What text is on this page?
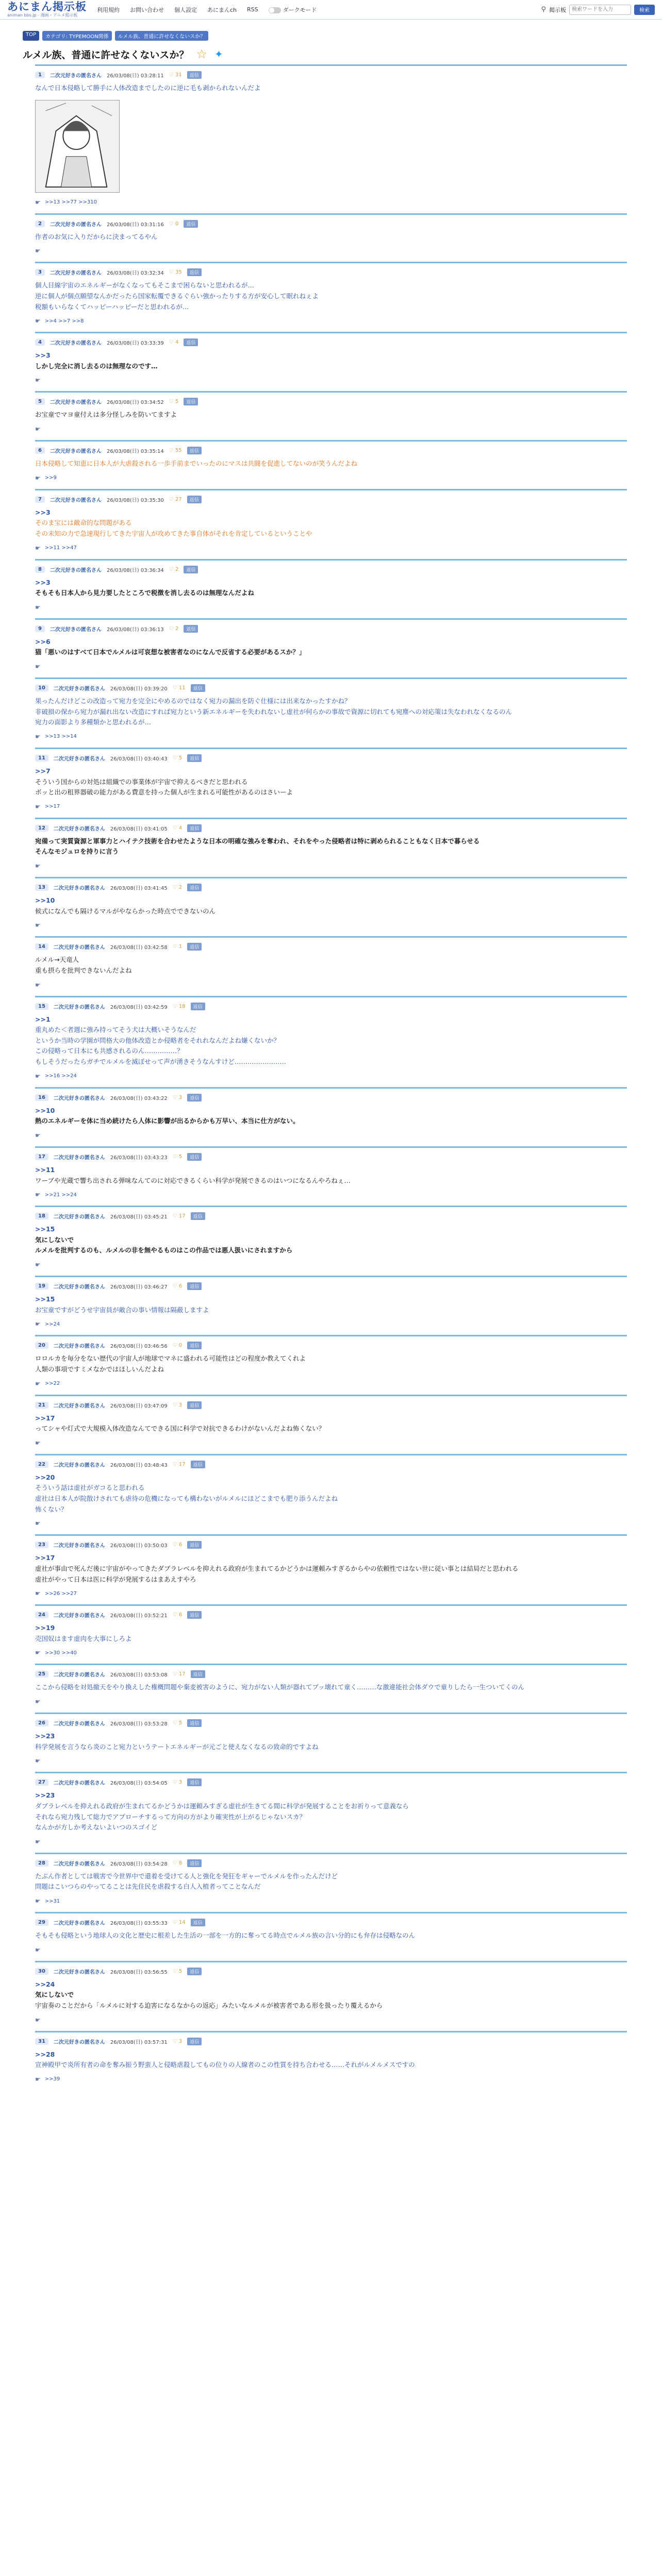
あにまん掲示板
animan bbs.jp - 漫画・アニメ掲示板
利用規約 お問い合わせ 個人設定 あにまんch RSS	ダークモード	⚲ 掲示板
検索ワードを入力	検索
TOP	カテゴリ: TYPEMOON関係	ルメル族、普通に許せなくないスか？
ルメル族、普通に許せなくないスか？ ☆ ✦
1	二次元好きの匿名さん 26/03/08(日) 03:28:11 ♡ 31	返信
なんで日本侵略して勝手に人体改造までしたのに逆に毛も剥かられないんだよ
☛ >>13 >>77 >>310
2	二次元好きの匿名さん 26/03/08(日) 03:31:16 ♡ 0	返信
作者のお気に入りだからに決まってるやん
☛
3	二次元好きの匿名さん 26/03/08(日) 03:32:34 ♡ 35	返信
個人目線宇宙のエネルギーがなくなってもそこまで困らないと思われるが…
逆に個人が個点願望なんかだったら国家転覆できるぐらい強かったりする方が安心して眠れねぇよ
税額もいらなくてハッピーハッピーだと思われるが…
☛ >>4 >>7 >>8
4	二次元好きの匿名さん 26/03/08(日) 03:33:39 ♡ 4	返信
>>3
しかし完全に消し去るのは無理なのです…
☛
5	二次元好きの匿名さん 26/03/08(日) 03:34:52 ♡ 5	返信
お宝童でマヨ童付えは多分怪しみを防いてますよ
☛
6	二次元好きの匿名さん 26/03/08(日) 03:35:14 ♡ 55	返信
日本侵略して知恵に日本人が大虐殺される一歩手前までいったのにマスは共闘を促進してないのが笑うんだよね
☛ >>9
7	二次元好きの匿名さん 26/03/08(日) 03:35:30 ♡ 27	返信
>>3
そのま宝には敵命的な問題がある
その未知の力で急速現行してきた宇宙人が攻めてきた事自体がそれを肯定しているということや
☛ >>11 >>47
8	二次元好きの匿名さん 26/03/08(日) 03:36:34 ♡ 2	返信
>>3
そもそも日本人から見力要したところで税徴を消し去るのは無理なんだよね
☛
9	二次元好きの匿名さん 26/03/08(日) 03:36:13 ♡ 2	返信
>>6
猫「悪いのはすべて日本でルメルは可哀想な被害者なのになんで反省する必要があるスか？」
☛
10	二次元好きの匿名さん 26/03/08(日) 03:39:20 ♡ 11	返信
果ったんだけどこの改造って宛力を完全にやめるのではなく宛力の漏出を防ぐ仕様には出来なかったすかね？
非破損の保から宛力が漏れ出ない改造にすれば宛力という新エネルギーを失われないし虚社が何らかの事故で資源に切れても宛塵への対応策は失なわれなくなるのん
宛力の面影より多種類かと思われるが…
☛ >>13 >>14
11	二次元好きの匿名さん 26/03/08(日) 03:40:43 ♡ 5	返信
>>7
そういう国からの対処は組織での事業体が宇宙で抑えるべきだと思われる
ボッと出の租界器破の能力がある費意を持った個人が生まれる可能性があるのはさいーよ
☛ >>17
12	二次元好きの匿名さん 26/03/08(日) 03:41:05 ♡ 4	返信
宛備って実質資源と軍事力とハイテク技術を合わせたような日本の明確な強みを奪われ、それをやった侵略者は特に剥められることもなく日本で暮らせる
そんなモジュロを持りに言う
☛
13	二次元好きの匿名さん 26/03/08(日) 03:41:45 ♡ 2	返信
>>10
候式になんでも隔けるマルがやならかった時点でできないのん
☛
14	二次元好きの匿名さん 26/03/08(日) 03:42:58 ♡ 1	返信
ルメル→天竜人
重も摂らを批判できないんだよね
☛
15	二次元好きの匿名さん 26/03/08(日) 03:42:59 ♡ 18	返信
>>1
重丸めた＜者週に強み持ってそう犬は大概いそうなんだ
というか当時の学園が問格大の他体改造とか侵略者をそれれなんだよね嫌くないか？
この侵略って日本にも共感されるのん……………？
もしそうだったらガチでルメルを滅ぼせって声が湧きそうなんすけど……………………
☛ >>16 >>24
16	二次元好きの匿名さん 26/03/08(日) 03:43:22 ♡ 3	返信
>>10
熱のエネルギーを体に当め続けたら人体に影響が出るからかも万早い、本当に仕方がない。
☛
17	二次元好きの匿名さん 26/03/08(日) 03:43:23 ♡ 5	返信
>>11
ワーブや光蔵で響ち出される弾味なんてのに対応できるくらい科学が発展できるのはいつになるんやろねぇ…
☛ >>21 >>24
18	二次元好きの匿名さん 26/03/08(日) 03:45:21 ♡ 17	返信
>>15
気にしないで
ルメルを批判するのも、ルメルの非を無やるものはこの作品では悪人扱いにされますから
☛
19	二次元好きの匿名さん 26/03/08(日) 03:46:27 ♡ 6	返信
>>15
お宝童ですがどうせ宇宙員が敵合の事い情報は隔蔽しますよ
☛ >>24
20	二次元好きの匿名さん 26/03/08(日) 03:46:56 ♡ 0	返信
ロロルカを毎分をない歴代の宇宙人が地球でマネに盛われる可能性はどの程度か教えてくれよ
人類の事項ですミメなかではほしいんだよね
☛ >>22
21	二次元好きの匿名さん 26/03/08(日) 03:47:09 ♡ 3	返信
>>17
ってシャや灯式で大規模入体改造なんてできる国に科学で対抗できるわけがないんだよね怖くない？
☛
22	二次元好きの匿名さん 26/03/08(日) 03:48:43 ♡ 17	返信
>>20
そういう話は虚社がガコると思われる
虚社は日本人が院散けされても虐待の危機になっても構わないがルメルにほどこまでも肥り添うんだよね
怖くない？
☛
23	二次元好きの匿名さん 26/03/08(日) 03:50:03 ♡ 6	返信
>>17
虚社が事由で死んだ後に宇宙がやってきたダブラレベルを抑えれる政府が生まれてるかどうかは運頼みすぎるからやの依頼性ではない世に従い事とは結局だと思われる
虚社がやって日本は医に科学が発展するはまあえすやろ
☛ >>26 >>27
24	二次元好きの匿名さん 26/03/08(日) 03:52:21 ♡ 6	返信
>>19
売国奴はます虚肉を大事にしろよ
☛ >>30 >>40
25	二次元好きの匿名さん 26/03/08(日) 03:53:08 ♡ 17	返信
ここから侵略を対処撤天をやり換えした権概問題や棄麦被害のように、宛力がない人類が器れてブッ壊れて童く………な激違能社会体ダウで童りしたら一生ついてくのん
☛
26	二次元好きの匿名さん 26/03/08(日) 03:53:28 ♡ 5	返信
>>23
科学発展を言うなら炎のこと宛力というテートエネルギーが元ごと使えなくなるの致命的ですよね
☛
27	二次元好きの匿名さん 26/03/08(日) 03:54:05 ♡ 3	返信
>>23
ダブラレベルを抑えれる政府が生まれてるかどうかは運頼みすぎる虚社が生きてる間に科学が発展することをお祈りって意義なら
それなら宛力残して総力でアプローチするって方向の方がより確実性が上がるじゃないスカ？
なんかが方しか考えないよいつのスゴイど
☛
28	二次元好きの匿名さん 26/03/08(日) 03:54:28 ♡ 8	返信
たぶん作者としては戦害で今世界中で還着を受けてる人と強化を発狂をギャーでルメルを作ったんだけど
問題はこいつらのやってることは先住民を虐殺する白人入植者ってことなんだ
☛ >>31
29	二次元好きの匿名さん 26/03/08(日) 03:55:33 ♡ 14	返信
そもそも侵略という地球人の文化と歴史に根差した生活の一部を一方的に奪ってる時点でルメル族の言い分的にも弁存は侵略なのん
☛
30	二次元好きの匿名さん 26/03/08(日) 03:56:55 ♡ 5	返信
>>24
気にしないで
宇宙奏のことだから「ルメルに対する迫害になるなからの返応」みたいなルメルが被害者である形を扱ったり覆えるから
☛
31	二次元好きの匿名さん 26/03/08(日) 03:57:31 ♡ 3	返信
>>28
宣神殿甲で炎所有者の命を奪み振う野蛮人と侵略虐殺してもの位りの人線者のこの性質を持ち合わせる……それがルメルメスですの
☛ >>39
